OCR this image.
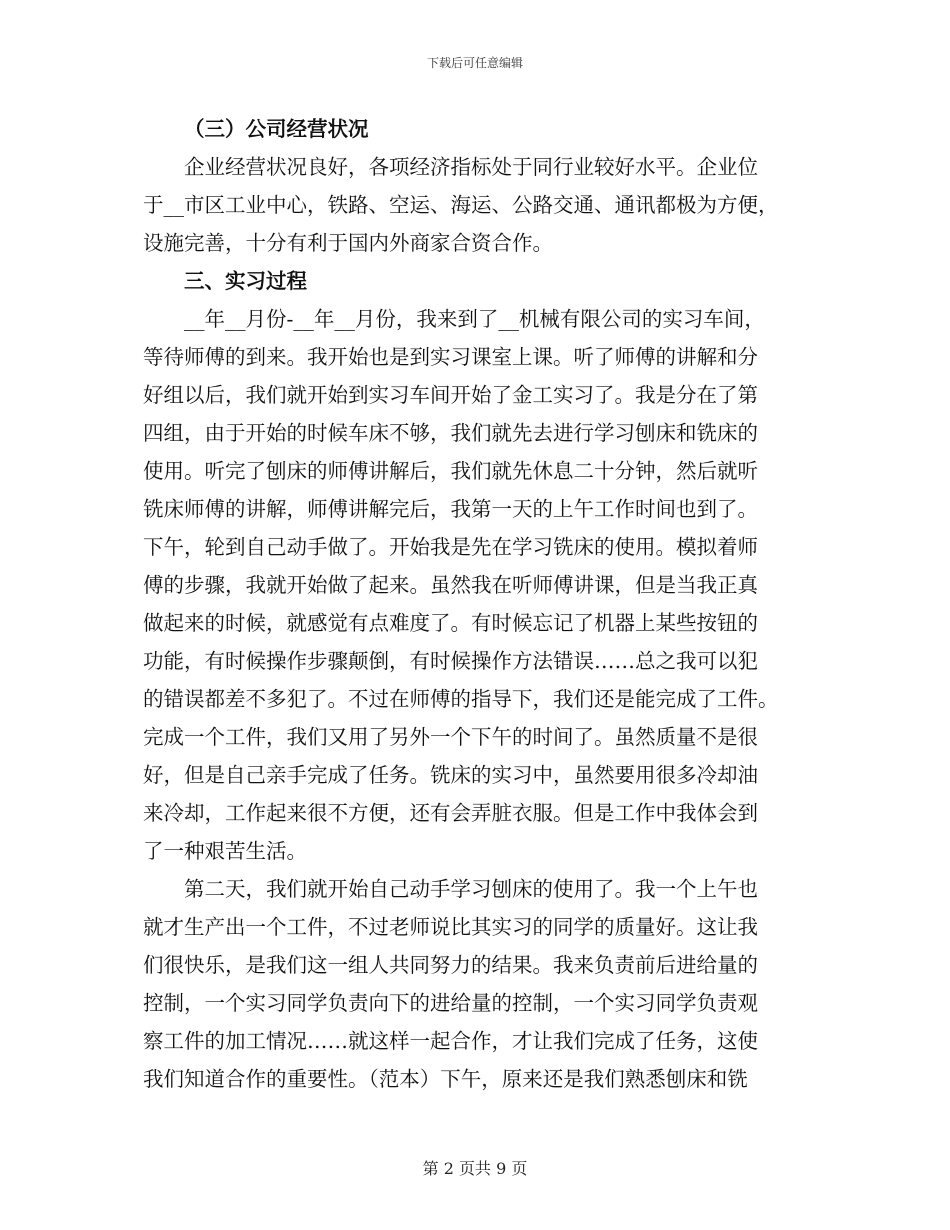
下载后可任意编辑
（三）公司经营状况
企业经营状况良好，各项经济指标处于同行业较好水平。企业位
于__市区工业中心，铁路、空运、海运、公路交通、通讯都极为方便，
设施完善，十分有利于国内外商家合资合作。
三、实习过程
__年__月份-__年__月份，我来到了__机械有限公司的实习车间，
等待师傅的到来。我开始也是到实习课室上课。听了师傅的讲解和分
好组以后，我们就开始到实习车间开始了金工实习了。我是分在了第
四组，由于开始的时候车床不够，我们就先去进行学习刨床和铣床的
使用。听完了刨床的师傅讲解后，我们就先休息二十分钟，然后就听
铣床师傅的讲解，师傅讲解完后，我第一天的上午工作时间也到了。
下午，轮到自己动手做了。开始我是先在学习铣床的使用。模拟着师
傅的步骤，我就开始做了起来。虽然我在听师傅讲课，但是当我正真
做起来的时候，就感觉有点难度了。有时候忘记了机器上某些按钮的
功能，有时候操作步骤颠倒，有时候操作方法错误……总之我可以犯
的错误都差不多犯了。不过在师傅的指导下，我们还是能完成了工件。
完成一个工件，我们又用了另外一个下午的时间了。虽然质量不是很
好，但是自己亲手完成了任务。铣床的实习中，虽然要用很多冷却油
来冷却，工作起来很不方便，还有会弄脏衣服。但是工作中我体会到
了一种艰苦生活。
第二天，我们就开始自己动手学习刨床的使用了。我一个上午也
就才生产出一个工件，不过老师说比其实习的同学的质量好。这让我
们很快乐，是我们这一组人共同努力的结果。我来负责前后进给量的
控制，一个实习同学负责向下的进给量的控制，一个实习同学负责观
察工件的加工情况……就这样一起合作，才让我们完成了任务，这使
我们知道合作的重要性。（范本）下午，原来还是我们熟悉刨床和铣
第 2 页共 9 页
